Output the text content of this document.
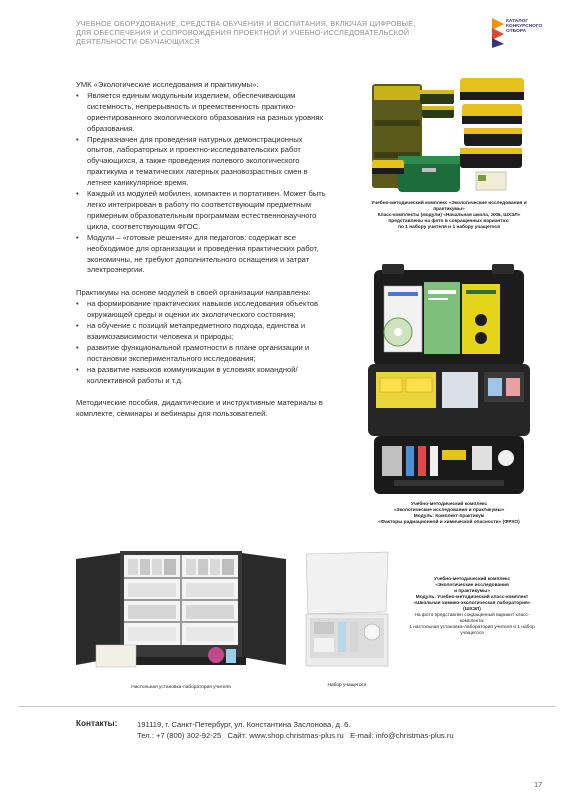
УЧЕБНОЕ ОБОРУДОВАНИЕ, СРЕДСТВА ОБУЧЕНИЯ И ВОСПИТАНИЯ, ВКЛЮЧАЯ ЦИФРОВЫЕ, ДЛЯ ОБЕСПЕЧЕНИЯ И СОПРОВОЖДЕНИЯ ПРОЕКТНОЙ И УЧЕБНО-ИССЛЕДОВАТЕЛЬСКОЙ ДЕЯТЕЛЬНОСТИ ОБУЧАЮЩИХСЯ
КАТАЛОГ КОНКУРСНОГО ОТБОРА

УМК «Экологические исследования и практикумы»:

• Является единым модульным изделием, обеспечивающим системность, непрерывность и преемственность практико-ориентированного экологического образования на разных уровнях образования.
• Предназначен для проведения натурных демонстрационных опытов, лабораторных и проектно-исследовательских работ обучающихся, а также проведения полевого экологического практикума и тематических лагерных разновозрастных смен в летнее каникулярное время.
• Каждый из модулей мобилен, компактен и портативен. Может быть легко интегрирован в работу по соответствующим предметным примерным образовательным программам естественнонаучного цикла, соответствующим ФГОС.
• Модули – «готовые решения» для педагогов: содержат все необходимое для организации и проведения практических работ, экономичны, не требуют дополнительного оснащения и затрат электроэнергии.

Практикумы на основе модулей в своей организации направлены:

• на формирование практических навыков исследования объектов окружающей среды и оценки их экологического состояния;
• на обучение с позиций метапредметного подхода, единства и взаимозависимости человека и природы;
• развитие функциональной грамотности в плане организации и постановки экспериментального исследования;
• на развитие навыков коммуникации в условиях командной/коллективной работы и т.д.

Методические пособия, дидактические и инструктивные материалы в комплекте, семинары и вебинары для пользователей.

Учебно-методический комплекс «Экологические исследования и практикумы»
Класс-комплекты (модули) «Начальная школа, ЭХБ, ШХЭЛ»
представлены на фото в сокращенных вариантах:
по 1 набору учителя и 1 набору учащегося
Учебно-методический комплекс
«Экологические исследования и практикумы»
Модуль: Комплект-практикум
«Факторы радиационной и химической опасности» (ФРХО)
Настольная установка-лаборатория учителя	Набор учащегося
Учебно-методический комплекс
«Экологические исследования
и практикумы»
Модуль: Учебно-методический класс-комплект «Школьная химико-экологическая лаборатория» (ШХЭЛ)
На фото представлен сокращенный вариант класс-комплекта:
1 настольная установка-лаборатория учителя и 1 набор учащегося
Контакты:	191119, г. Санкт-Петербург, ул. Константина Заслонова, д. 6.
Тел.: +7 (800) 302-92-25   Сайт: www.shop.christmas-plus.ru   E-mail: info@christmas-plus.ru
17
